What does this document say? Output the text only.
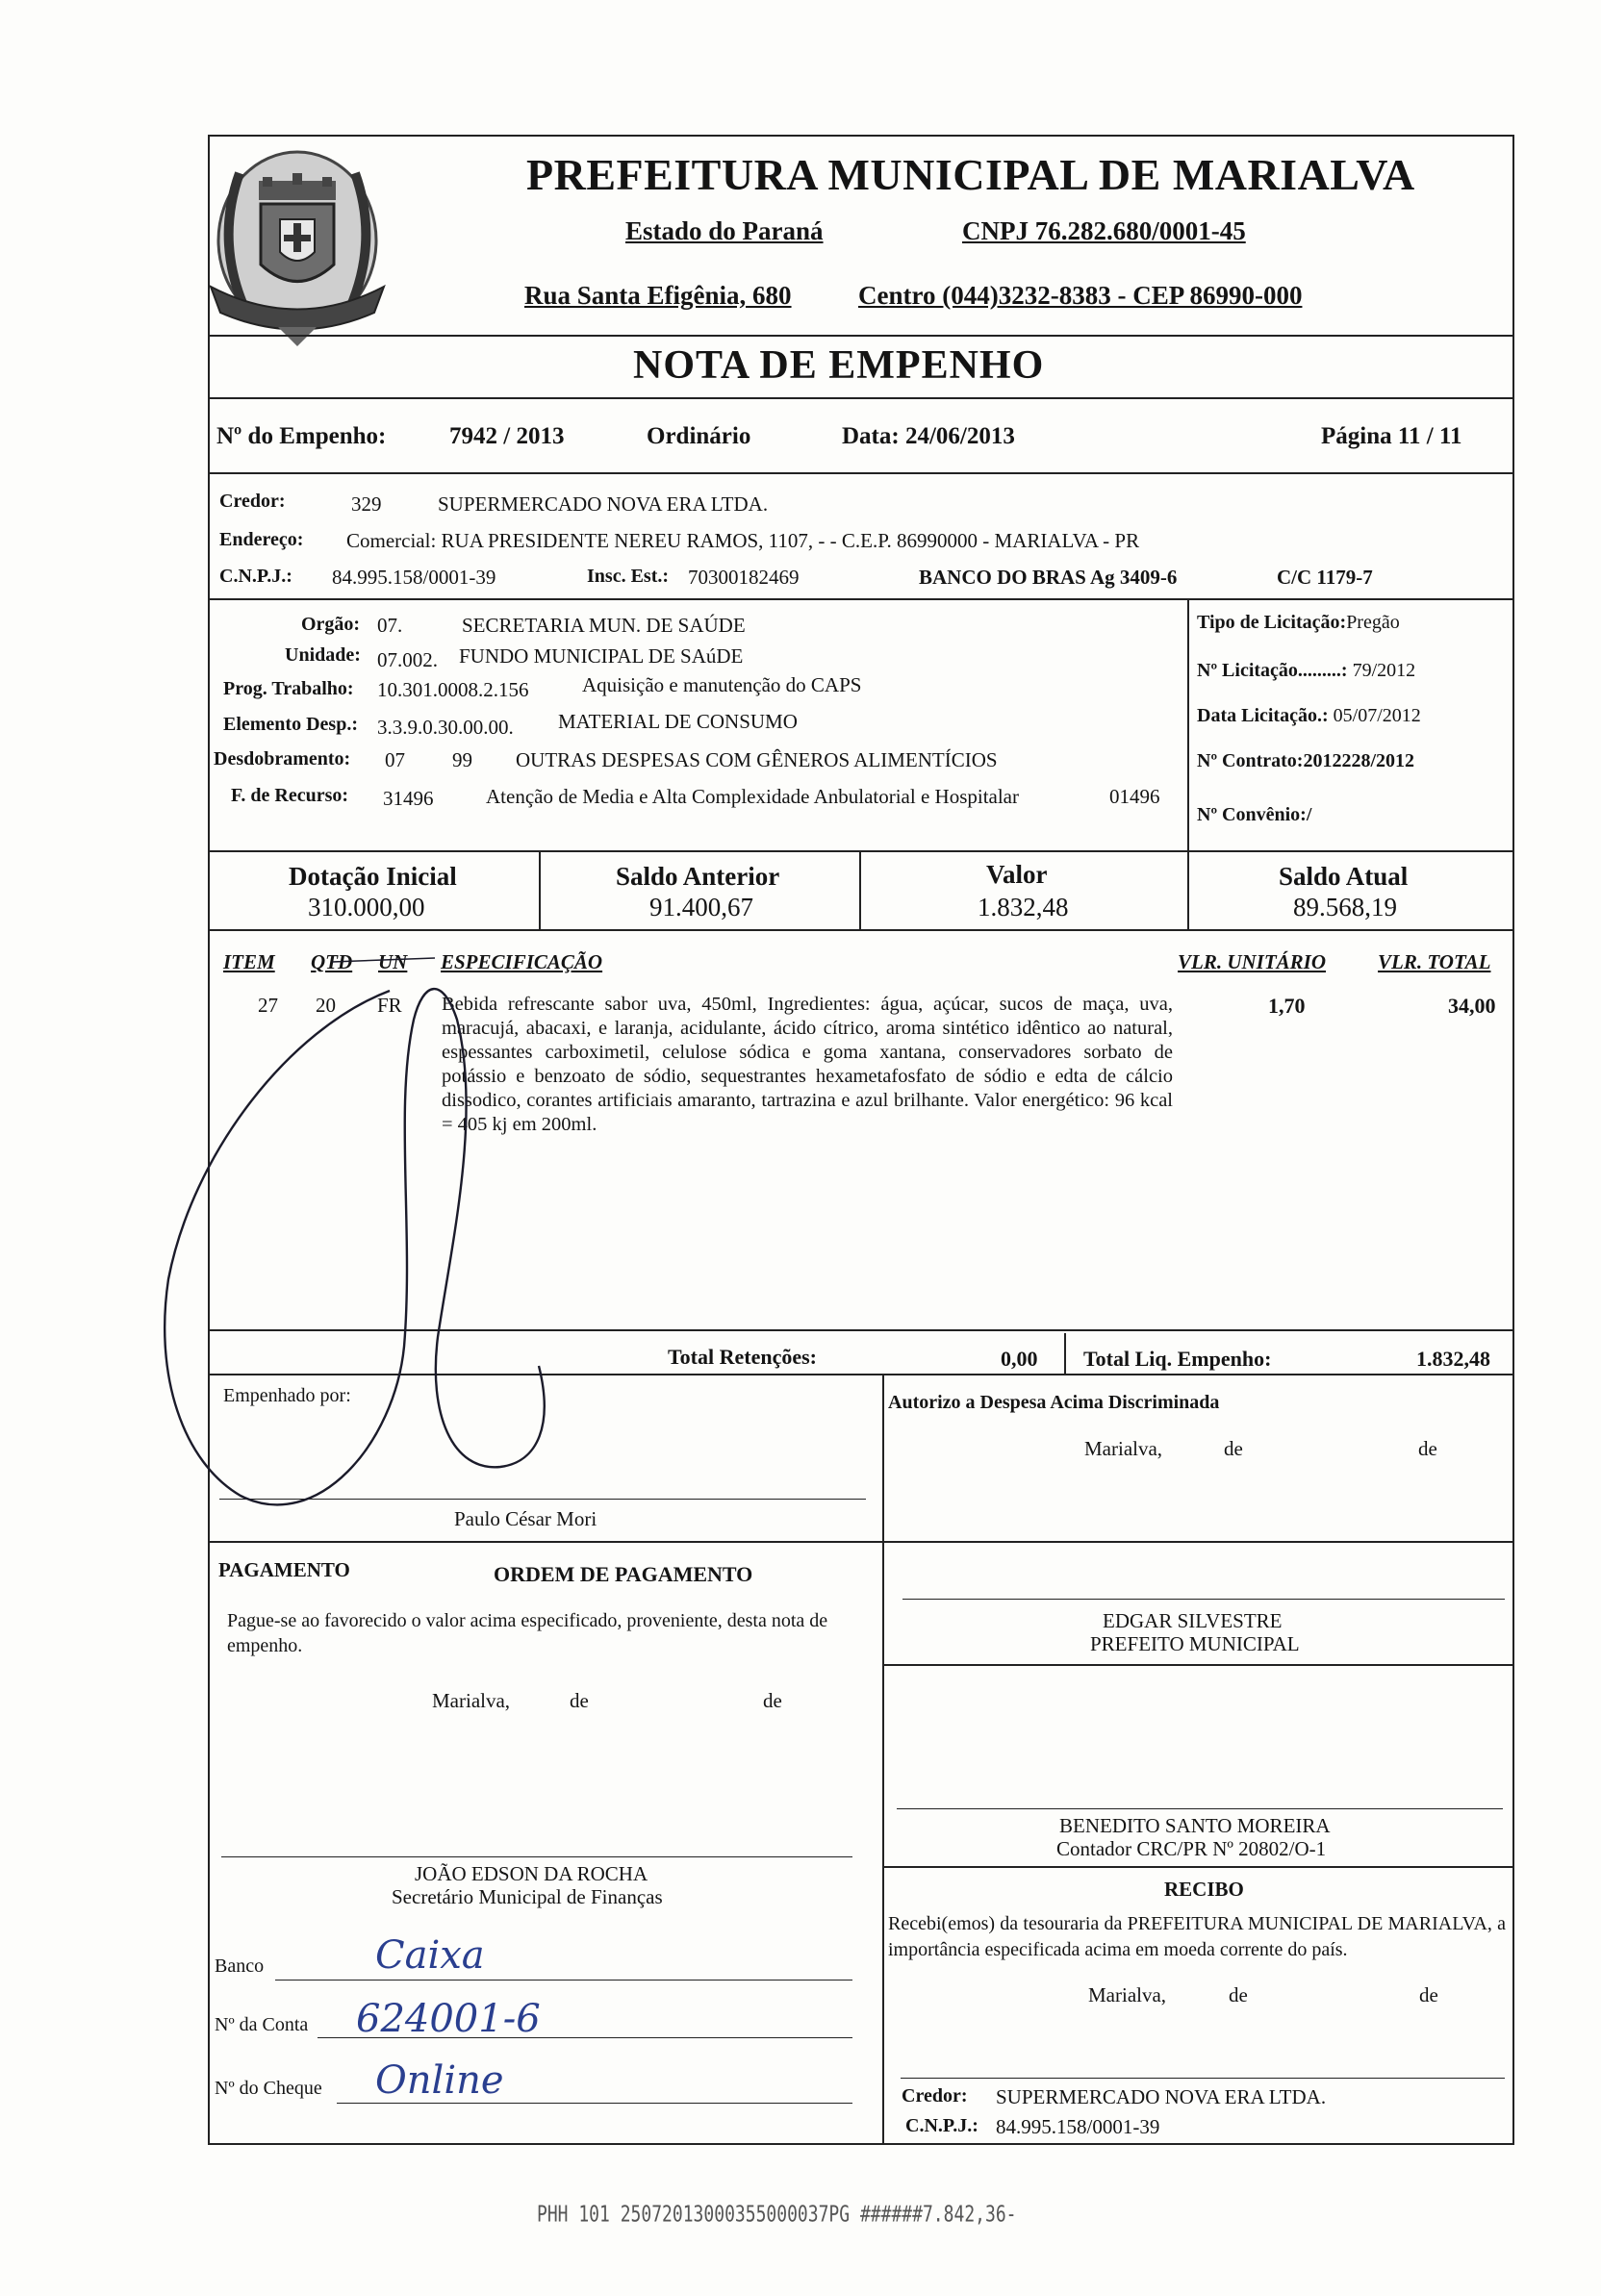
PREFEITURA MUNICIPAL DE MARIALVA
Estado do Paraná	CNPJ 76.282.680/0001-45
Rua Santa Efigênia, 680	Centro (044)3232-8383 - CEP 86990-000
NOTA DE EMPENHO
Nº do Empenho:	7942 / 2013	Ordinário	Data: 24/06/2013	Página 11 / 11
Credor:	329	SUPERMERCADO NOVA ERA LTDA.
Endereço: Comercial: RUA PRESIDENTE NEREU RAMOS, 1107, - - C.E.P. 86990000 - MARIALVA - PR
C.N.P.J.: 84.995.158/0001-39	Insc. Est.: 70300182469	BANCO DO BRAS Ag 3409-6	C/C 1179-7
Orgão: 07.	SECRETARIA MUN. DE SAÚDE
Unidade: 07.002. FUNDO MUNICIPAL DE SAúDE
Prog. Trabalho: 10.301.0008.2.156	Aquisição e manutenção do CAPS
Elemento Desp.: 3.3.9.0.30.00.00. MATERIAL DE CONSUMO
Desdobramento: 07 99 OUTRAS DESPESAS COM GÊNEROS ALIMENTÍCIOS
F. de Recurso: 31496	Atenção de Media e Alta Complexidade Anbulatorial e Hospitalar	01496
Tipo de Licitação:Pregão
Nº Licitação.........: 79/2012
Data Licitação.: 05/07/2012
Nº Contrato:2012228/2012
Nº Convênio:/
Dotação Inicial
310.000,00
Saldo Anterior
91.400,67
Valor
1.832,48
Saldo Atual
89.568,19
ITEM QTD UN ESPECIFICAÇÃO	VLR. UNITÁRIO	VLR. TOTAL
27 20 FR Bebida refrescante sabor uva, 450ml, Ingredientes: água, açúcar, sucos de maça, uva, maracujá, abacaxi, e laranja, acidulante, ácido cítrico, aroma sintético idêntico ao natural, espessantes carboximetil, celulose sódica e goma xantana, conservadores sorbato de potássio e benzoato de sódio, sequestrantes hexametafosfato de sódio e edta de cálcio dissodico, corantes artificiais amaranto, tartrazina e azul brilhante. Valor energético: 96 kcal = 405 kj em 200ml.
1,70	34,00
Total Retenções:	0,00 Total Liq. Empenho:	1.832,48
Empenhado por:
Paulo César Mori
Autorizo a Despesa Acima Discriminada
Marialva,	de	de
PAGAMENTO	ORDEM DE PAGAMENTO
Pague-se ao favorecido o valor acima especificado, proveniente, desta nota de empenho.
Marialva,	de	de
EDGAR SILVESTRE
PREFEITO MUNICIPAL
BENEDITO SANTO MOREIRA
Contador CRC/PR Nº 20802/O-1
JOÃO EDSON DA ROCHA
Secretário Municipal de Finanças
Banco	Caixa
Nº da Conta 624001-6
Nº do Cheque Online
RECIBO
Recebi(emos) da tesouraria da PREFEITURA MUNICIPAL DE MARIALVA, a importância especificada acima em moeda corrente do país.
Marialva,	de	de
Credor: SUPERMERCADO NOVA ERA LTDA.
C.N.P.J.: 84.995.158/0001-39
PHH 101 25072013000355000037PG ######7.842,36-
